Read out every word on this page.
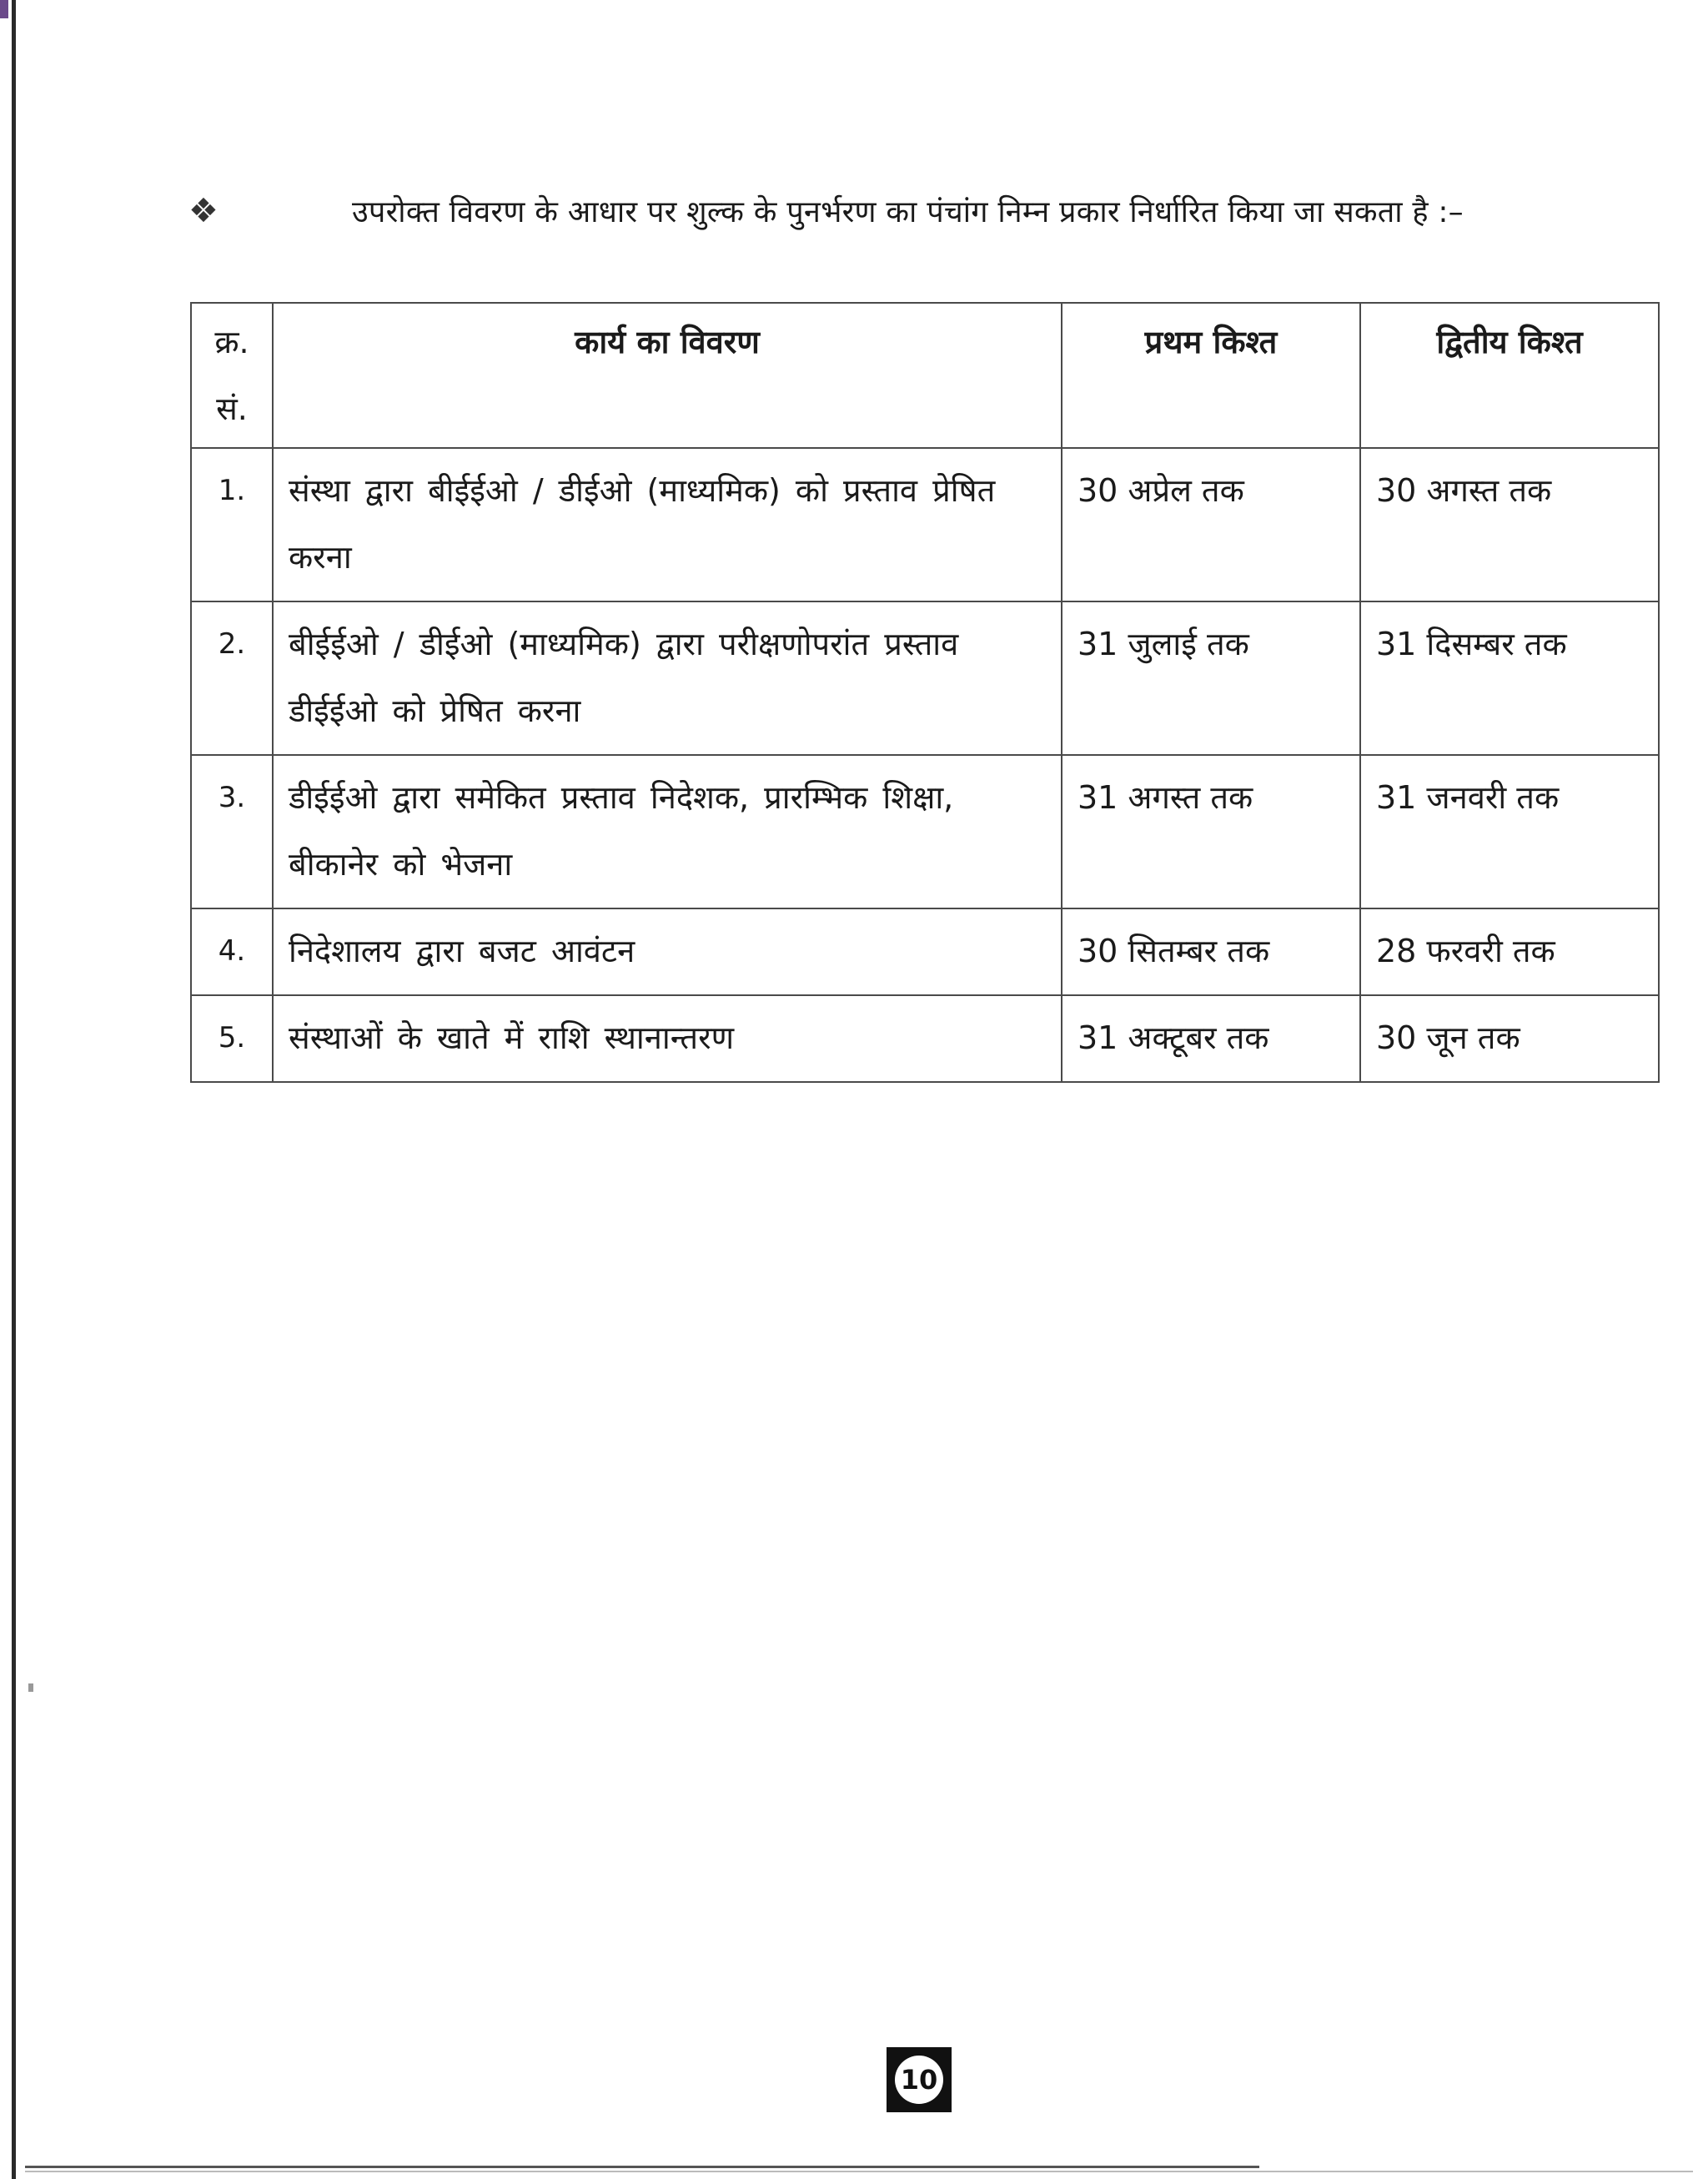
❖	उपरोक्त विवरण के आधार पर शुल्क के पुनर्भरण का पंचांग निम्न प्रकार निर्धारित किया जा सकता है :–
क्र. सं.	कार्य का विवरण	प्रथम किश्त	द्वितीय किश्त
1.	संस्था द्वारा बीईईओ / डीईओ (माध्यमिक) को प्रस्ताव प्रेषित करना	30 अप्रेल तक	30 अगस्त तक
2.	बीईईओ / डीईओ (माध्यमिक) द्वारा परीक्षणोपरांत प्रस्ताव डीईईओ को प्रेषित करना	31 जुलाई तक	31 दिसम्बर तक
3.	डीईईओ द्वारा समेकित प्रस्ताव निदेशक, प्रारम्भिक शिक्षा, बीकानेर को भेजना	31 अगस्त तक	31 जनवरी तक
4.	निदेशालय द्वारा बजट आवंटन	30 सितम्बर तक	28 फरवरी तक
5.	संस्थाओं के खाते में राशि स्थानान्तरण	31 अक्टूबर तक	30 जून तक
10
